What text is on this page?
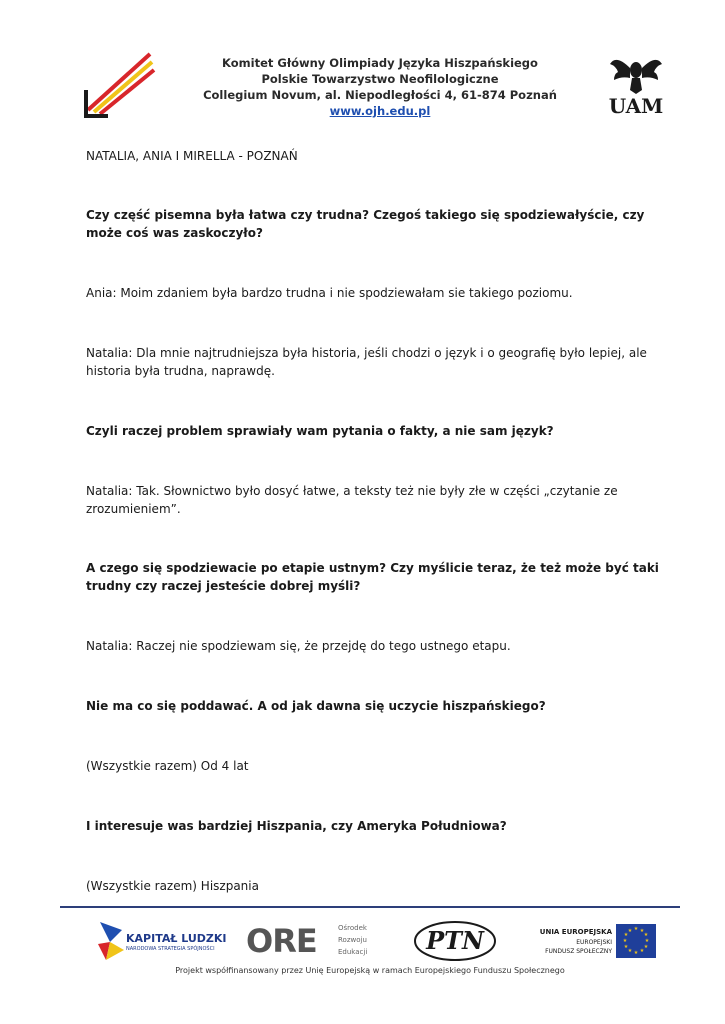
Komitet Główny Olimpiady Języka Hiszpańskiego
Polskie Towarzystwo Neofilologiczne
Collegium Novum, al. Niepodległości 4, 61-874 Poznań
www.ojh.edu.pl	UAM

NATALIA, ANIA I MIRELLA - POZNAŃ

Czy część pisemna była łatwa czy trudna? Czegoś takiego się spodziewałyście, czy może coś was zaskoczyło?

Ania: Moim zdaniem była bardzo trudna i nie spodziewałam sie takiego poziomu.

Natalia: Dla mnie najtrudniejsza była historia, jeśli chodzi o język i o geografię było lepiej, ale historia była trudna, naprawdę.

Czyli raczej problem sprawiały wam pytania o fakty, a nie sam język?

Natalia: Tak. Słownictwo było dosyć łatwe, a teksty też nie były złe w części „czytanie ze zrozumieniem”.

A czego się spodziewacie po etapie ustnym? Czy myślicie teraz, że też może być taki trudny czy raczej jesteście dobrej myśli?

Natalia: Raczej nie spodziewam się, że przejdę do tego ustnego etapu.

Nie ma co się poddawać. A od jak dawna się uczycie hiszpańskiego?

(Wszystkie razem) Od 4 lat

I interesuje was bardziej Hiszpania, czy Ameryka Południowa?

(Wszystkie razem) Hiszpania

KAPITAŁ LUDZKI
NARODOWA STRATEGIA SPÓJNOŚCI ORE	Ośrodek
Rozwoju
Edukacji	PTN	UNIA EUROPEJSKA
EUROPEJSKI
FUNDUSZ SPOŁECZNY
★ ★
★
★
★
★
★
★
★
★
★
★
Projekt współfinansowany przez Unię Europejską w ramach Europejskiego Funduszu Społecznego
